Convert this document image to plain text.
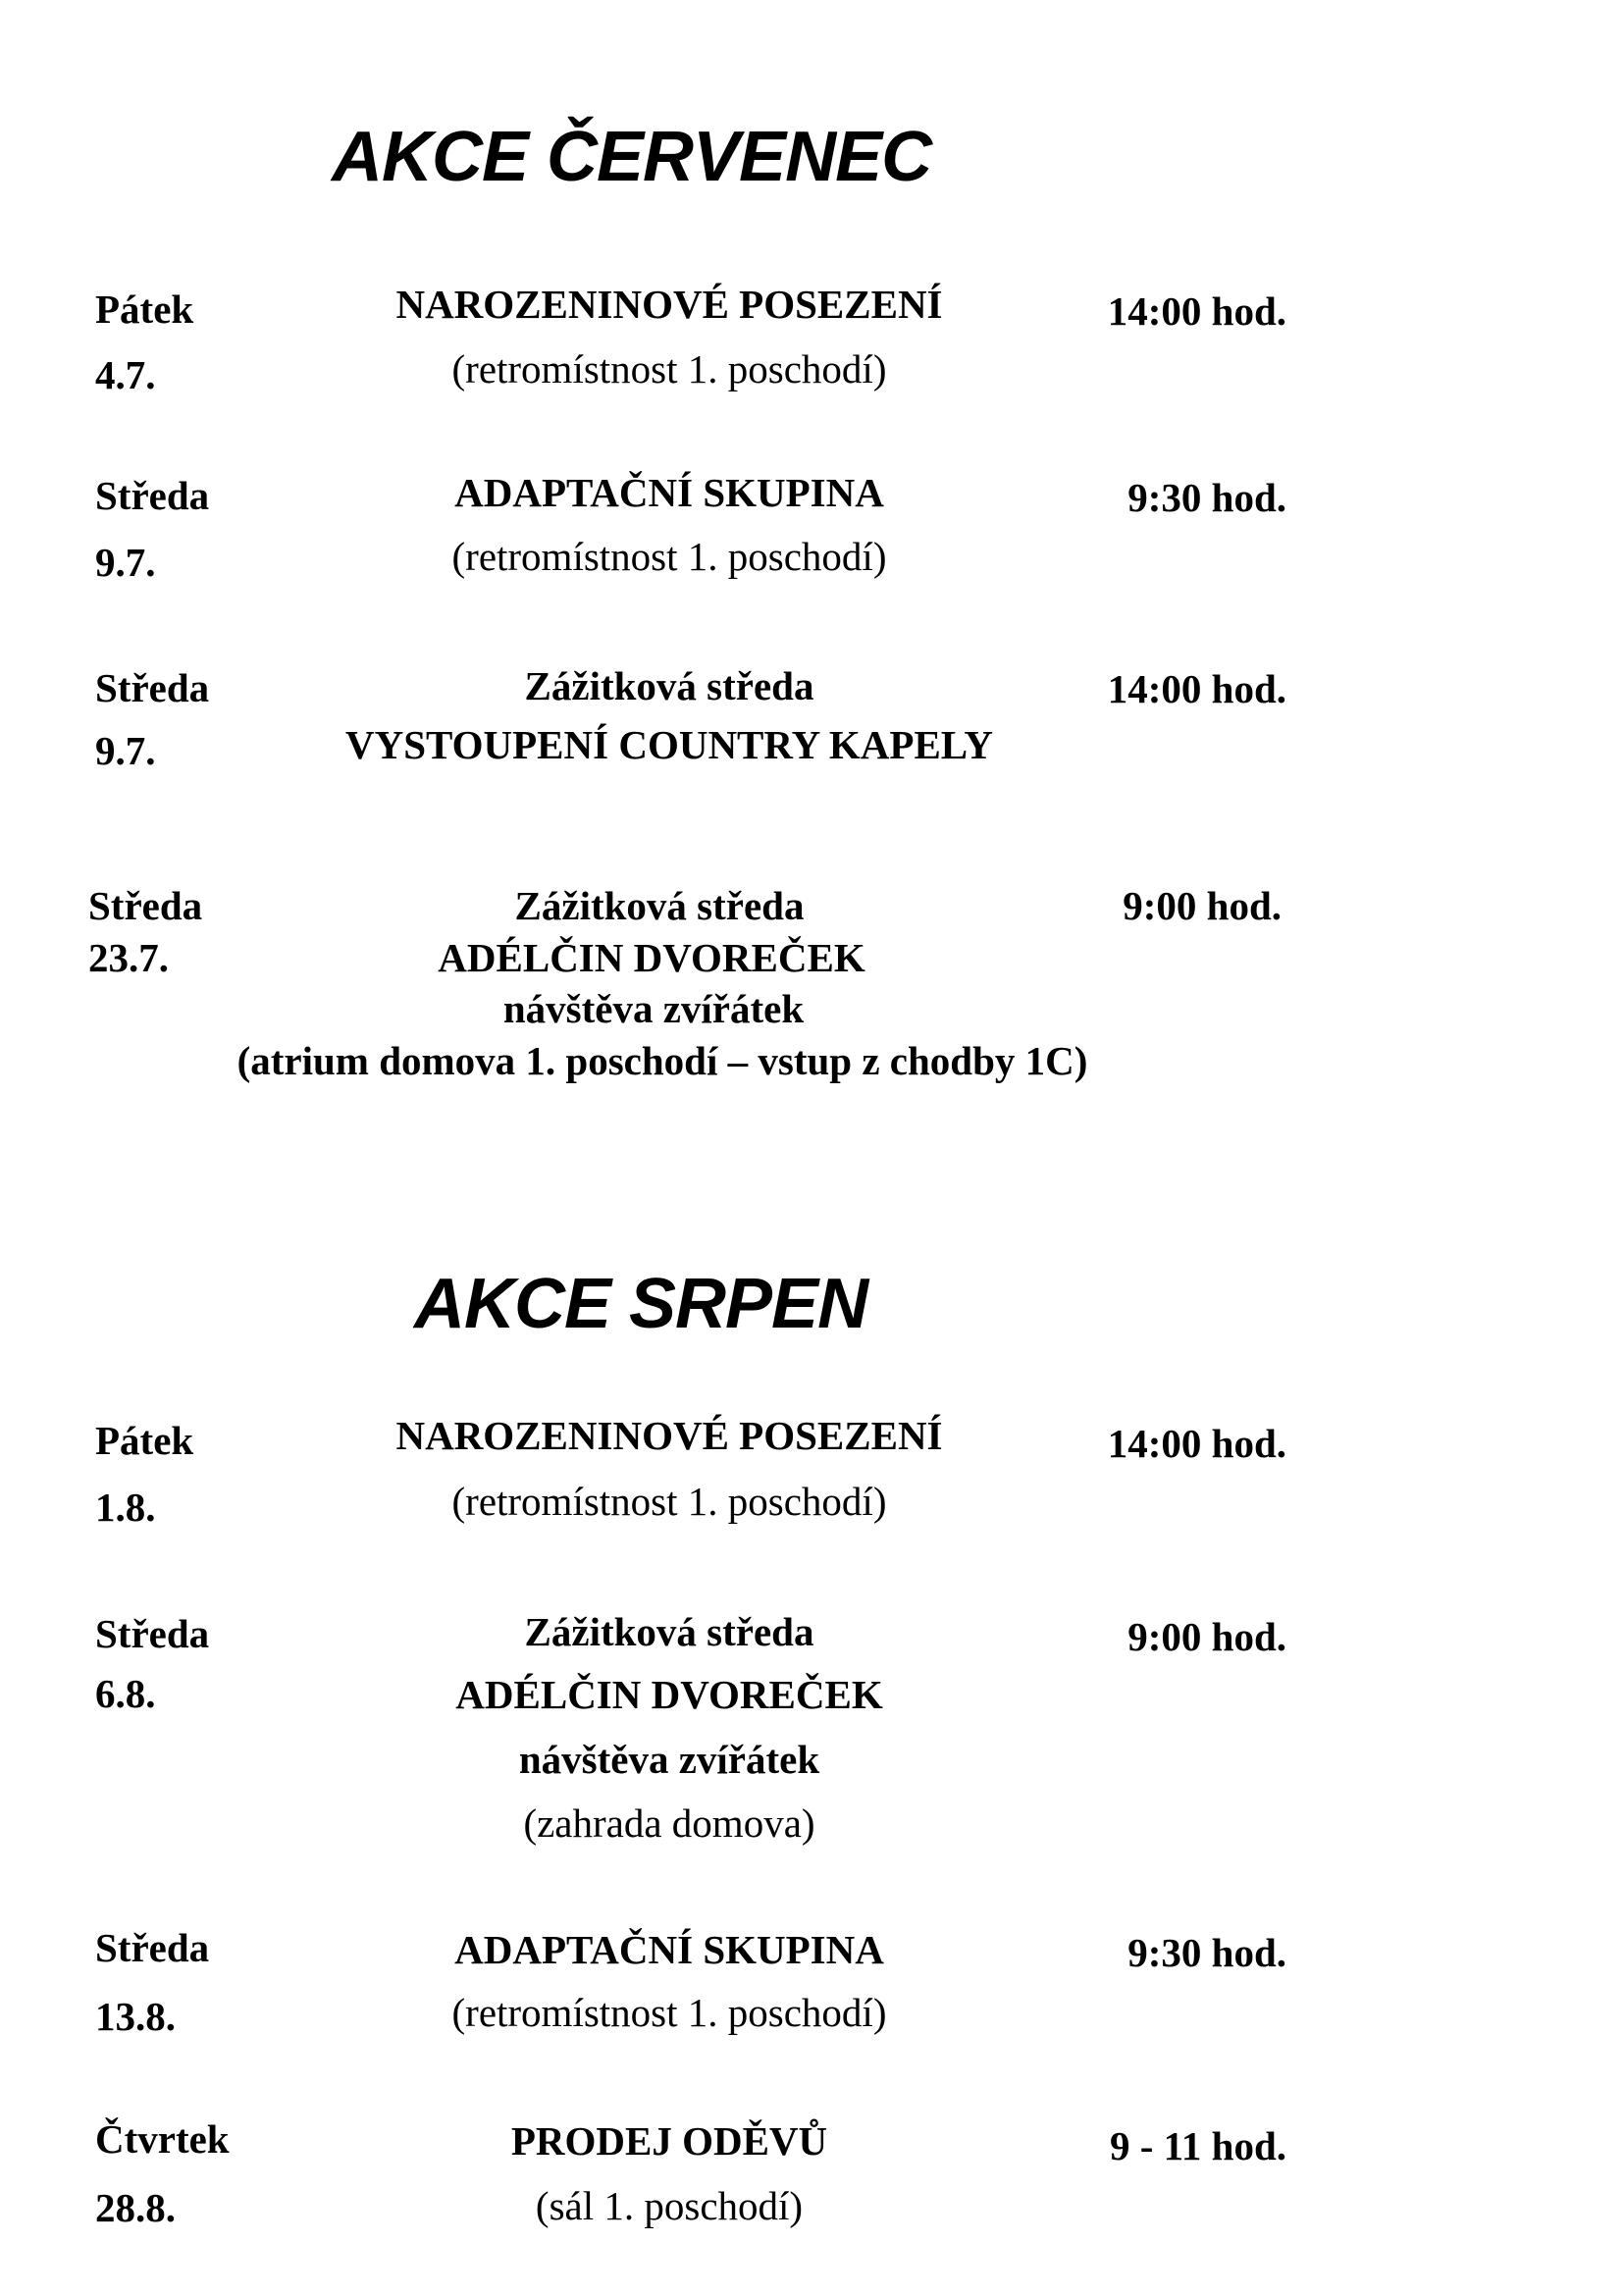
AKCE ČERVENEC
Pátek
4.7.
NAROZENINOVÉ POSEZENÍ
(retromístnost 1. poschodí)
14:00 hod.
Středa
9.7.
ADAPTAČNÍ SKUPINA
(retromístnost 1. poschodí)
9:30 hod.
Středa
9.7.
Zážitková středa
VYSTOUPENÍ COUNTRY KAPELY
14:00 hod.
Středa
23.7.
Zážitková středa
ADÉLČIN DVOREČEK
návštěva zvířátek
(atrium domova 1. poschodí – vstup z chodby 1C)
9:00 hod.
AKCE SRPEN
Pátek
1.8.
NAROZENINOVÉ POSEZENÍ
(retromístnost 1. poschodí)
14:00 hod.
Středa
6.8.
Zážitková středa
ADÉLČIN DVOREČEK
návštěva zvířátek
(zahrada domova)
9:00 hod.
Středa
13.8.
ADAPTAČNÍ SKUPINA
(retromístnost 1. poschodí)
9:30 hod.
Čtvrtek
28.8.
PRODEJ ODĚVŮ
(sál 1. poschodí)
9 - 11 hod.
